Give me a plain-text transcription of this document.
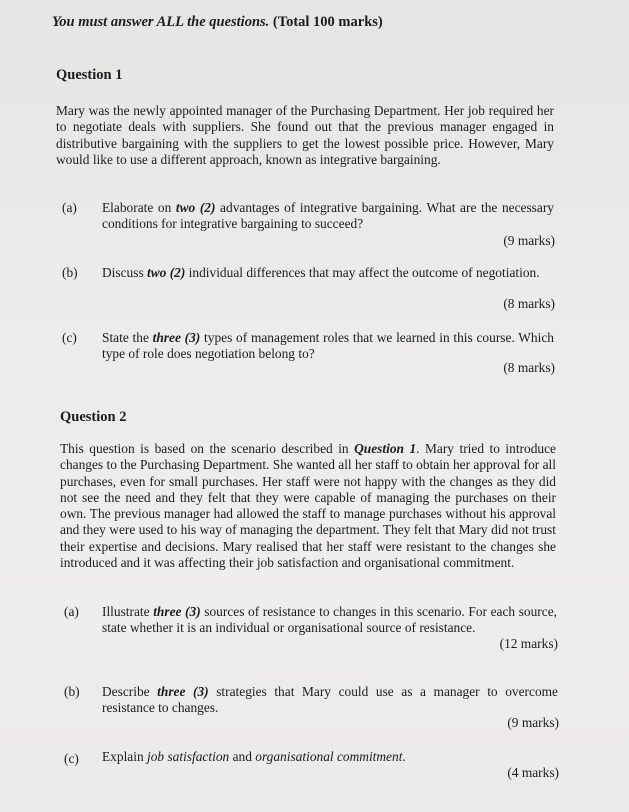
You must answer ALL the questions. (Total 100 marks)
Question 1
Mary was the newly appointed manager of the Purchasing Department. Her job required her to negotiate deals with suppliers. She found out that the previous manager engaged in distributive bargaining with the suppliers to get the lowest possible price. However, Mary would like to use a different approach, known as integrative bargaining.
(a) Elaborate on two (2) advantages of integrative bargaining. What are the necessary conditions for integrative bargaining to succeed?
(9 marks)
(b) Discuss two (2) individual differences that may affect the outcome of negotiation.
(8 marks)
(c) State the three (3) types of management roles that we learned in this course. Which type of role does negotiation belong to?
(8 marks)
Question 2
This question is based on the scenario described in Question 1. Mary tried to introduce changes to the Purchasing Department. She wanted all her staff to obtain her approval for all purchases, even for small purchases. Her staff were not happy with the changes as they did not see the need and they felt that they were capable of managing the purchases on their own. The previous manager had allowed the staff to manage purchases without his approval and they were used to his way of managing the department. They felt that Mary did not trust their expertise and decisions. Mary realised that her staff were resistant to the changes she introduced and it was affecting their job satisfaction and organisational commitment.
(a) Illustrate three (3) sources of resistance to changes in this scenario. For each source, state whether it is an individual or organisational source of resistance.
(12 marks)
(b) Describe three (3) strategies that Mary could use as a manager to overcome resistance to changes.
(9 marks)
(c) Explain job satisfaction and organisational commitment.
(4 marks)
